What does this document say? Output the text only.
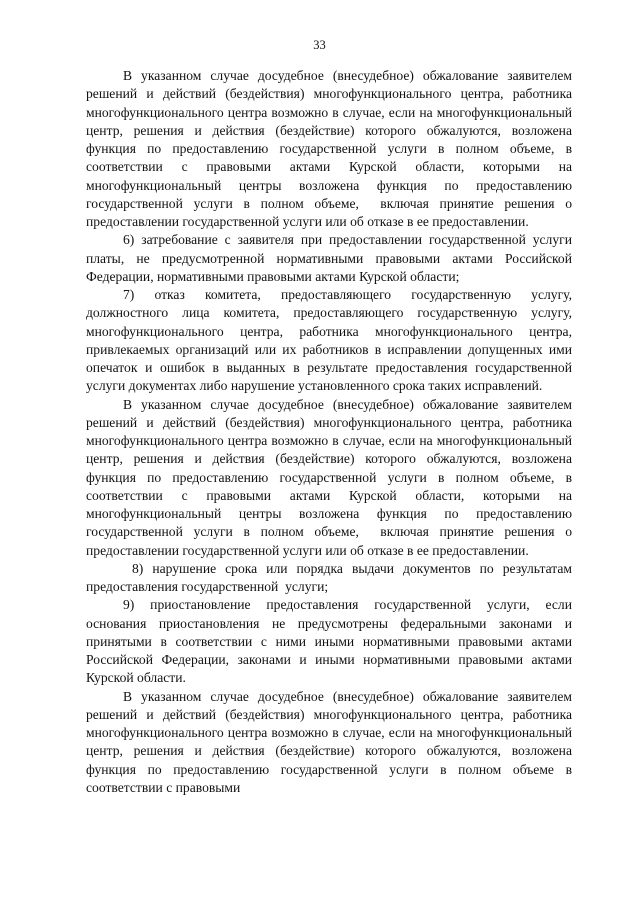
33

В указанном случае досудебное (внесудебное) обжалование заявителем решений и действий (бездействия) многофункционального центра, работника многофункционального центра возможно в случае, если на многофункциональный центр, решения и действия (бездействие) которого обжалуются, возложена функция по предоставлению государственной услуги в полном объеме, в соответствии с правовыми актами Курской области, которыми на многофункциональный центры возложена функция по предоставлению государственной услуги в полном объеме,  включая принятие решения о предоставлении государственной услуги или об отказе в ее предоставлении.

6) затребование с заявителя при предоставлении государственной услуги платы, не предусмотренной нормативными правовыми актами Российской Федерации, нормативными правовыми актами Курской области;

7) отказ комитета, предоставляющего государственную услугу, должностного лица комитета, предоставляющего государственную услугу, многофункционального центра, работника многофункционального центра, привлекаемых организаций или их работников в исправлении допущенных ими опечаток и ошибок в выданных в результате предоставления государственной услуги документах либо нарушение установленного срока таких исправлений.

В указанном случае досудебное (внесудебное) обжалование заявителем решений и действий (бездействия) многофункционального центра, работника многофункционального центра возможно в случае, если на многофункциональный центр, решения и действия (бездействие) которого обжалуются, возложена функция по предоставлению государственной услуги в полном объеме, в соответствии с правовыми актами Курской области, которыми на многофункциональный центры возложена функция по предоставлению государственной услуги в полном объеме,  включая принятие решения о предоставлении государственной услуги или об отказе в ее предоставлении.

8) нарушение срока или порядка выдачи документов по результатам предоставления государственной  услуги;

9) приостановление предоставления государственной услуги, если основания приостановления не предусмотрены федеральными законами и принятыми в соответствии с ними иными нормативными правовыми актами Российской Федерации, законами и иными нормативными правовыми актами Курской области.

В указанном случае досудебное (внесудебное) обжалование заявителем решений и действий (бездействия) многофункционального центра, работника многофункционального центра возможно в случае, если на многофункциональный центр, решения и действия (бездействие) которого обжалуются, возложена функция по предоставлению государственной услуги в полном объеме в соответствии с правовыми
